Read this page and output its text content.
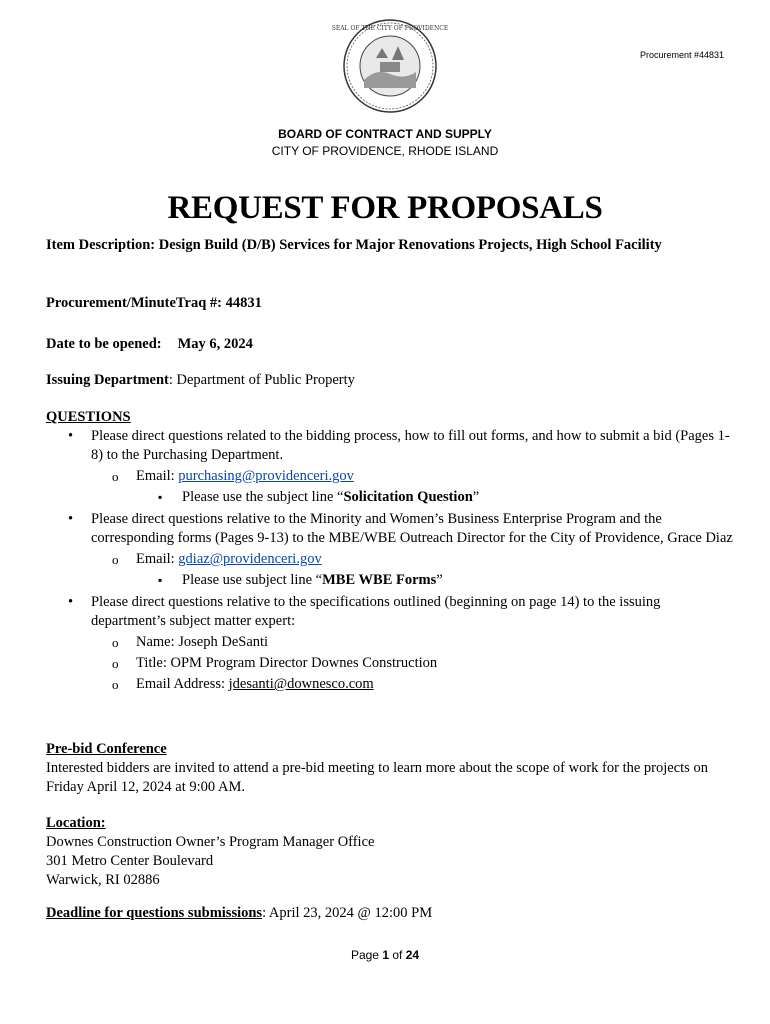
SEAL OF THE CITY OF PROVIDENCE
Procurement #44831
BOARD OF CONTRACT AND SUPPLY
CITY OF PROVIDENCE, RHODE ISLAND
REQUEST FOR PROPOSALS
Item Description: Design Build (D/B) Services for Major Renovations Projects, High School Facility
Procurement/MinuteTraq #: 44831
Date to be opened: May 6, 2024
Issuing Department: Department of Public Property
QUESTIONS
• Please direct questions related to the bidding process, how to fill out forms, and how to submit a bid (Pages 1-8) to the Purchasing Department.
o Email: purchasing@providenceri.gov
▪ Please use the subject line “Solicitation Question”
• Please direct questions relative to the Minority and Women’s Business Enterprise Program and the corresponding forms (Pages 9-13) to the MBE/WBE Outreach Director for the City of Providence, Grace Diaz
o Email: gdiaz@providenceri.gov
▪ Please use subject line “MBE WBE Forms”
• Please direct questions relative to the specifications outlined (beginning on page 14) to the issuing department’s subject matter expert:
o Name: Joseph DeSanti
o Title: OPM Program Director Downes Construction
o Email Address: jdesanti@downesco.com
Pre-bid Conference
Interested bidders are invited to attend a pre-bid meeting to learn more about the scope of work for the projects on Friday April 12, 2024 at 9:00 AM.
Location:
Downes Construction Owner’s Program Manager Office
301 Metro Center Boulevard
Warwick, RI 02886
Deadline for questions submissions: April 23, 2024 @ 12:00 PM
Page 1 of 24
